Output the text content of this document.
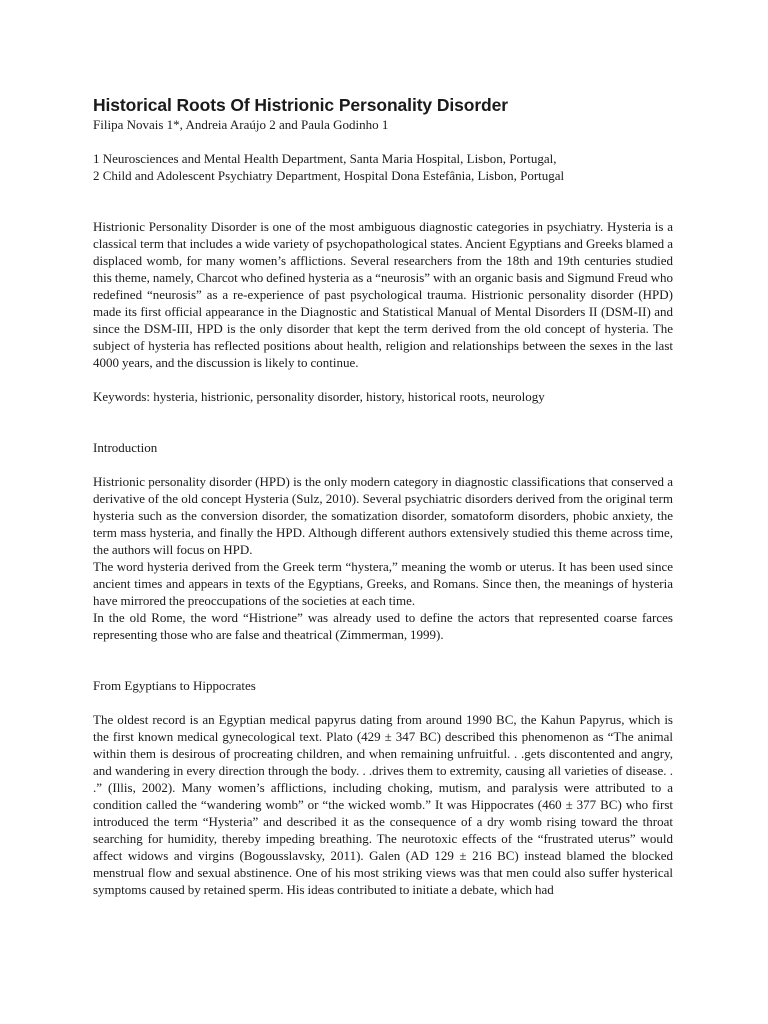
Historical Roots Of Histrionic Personality Disorder

Filipa Novais 1*, Andreia Araújo 2 and Paula Godinho 1

1 Neurosciences and Mental Health Department, Santa Maria Hospital, Lisbon, Portugal,

2 Child and Adolescent Psychiatry Department, Hospital Dona Estefânia, Lisbon, Portugal

Histrionic Personality Disorder is one of the most ambiguous diagnostic categories in psychiatry. Hysteria is a classical term that includes a wide variety of psychopathological states. Ancient Egyptians and Greeks blamed a displaced womb, for many women’s afflictions. Several researchers from the 18th and 19th centuries studied this theme, namely, Charcot who defined hysteria as a “neurosis” with an organic basis and Sigmund Freud who redefined “neurosis” as a re-experience of past psychological trauma. Histrionic personality disorder (HPD) made its first official appearance in the Diagnostic and Statistical Manual of Mental Disorders II (DSM-II) and since the DSM-III, HPD is the only disorder that kept the term derived from the old concept of hysteria. The subject of hysteria has reflected positions about health, religion and relationships between the sexes in the last 4000 years, and the discussion is likely to continue.

Keywords: hysteria, histrionic, personality disorder, history, historical roots, neurology

Introduction

Histrionic personality disorder (HPD) is the only modern category in diagnostic classifications that conserved a derivative of the old concept Hysteria (Sulz, 2010). Several psychiatric disorders derived from the original term hysteria such as the conversion disorder, the somatization disorder, somatoform disorders, phobic anxiety, the term mass hysteria, and finally the HPD. Although different authors extensively studied this theme across time, the authors will focus on HPD.

The word hysteria derived from the Greek term “hystera,” meaning the womb or uterus. It has been used since ancient times and appears in texts of the Egyptians, Greeks, and Romans. Since then, the meanings of hysteria have mirrored the preoccupations of the societies at each time.

In the old Rome, the word “Histrione” was already used to define the actors that represented coarse farces representing those who are false and theatrical (Zimmerman, 1999).

From Egyptians to Hippocrates

The oldest record is an Egyptian medical papyrus dating from around 1990 BC, the Kahun Papyrus, which is the first known medical gynecological text. Plato (429 ± 347 BC) described this phenomenon as “The animal within them is desirous of procreating children, and when remaining unfruitful. . .gets discontented and angry, and wandering in every direction through the body. . .drives them to extremity, causing all varieties of disease. . .” (Illis, 2002). Many women’s afflictions, including choking, mutism, and paralysis were attributed to a condition called the “wandering womb” or “the wicked womb.” It was Hippocrates (460 ± 377 BC) who first introduced the term “Hysteria” and described it as the consequence of a dry womb rising toward the throat searching for humidity, thereby impeding breathing. The neurotoxic effects of the “frustrated uterus” would affect widows and virgins (Bogousslavsky, 2011). Galen (AD 129 ± 216 BC) instead blamed the blocked menstrual flow and sexual abstinence. One of his most striking views was that men could also suffer hysterical symptoms caused by retained sperm. His ideas contributed to initiate a debate, which had
